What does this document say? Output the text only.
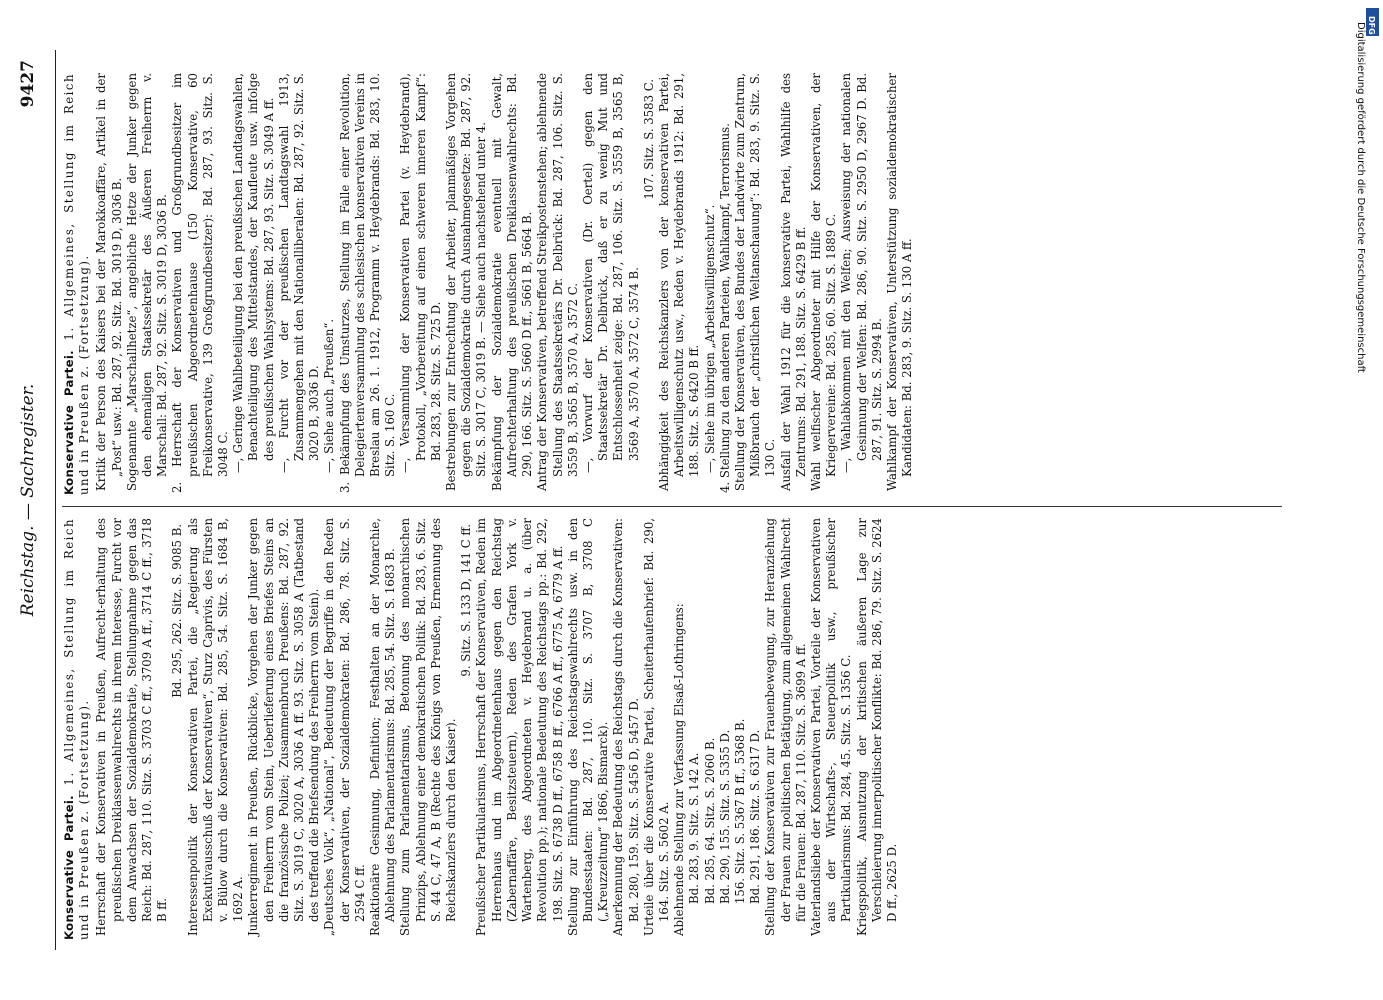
Reichstag. — Sachregister.
9427

Konservative Partei. 1. Allgemeines, Stellung im Reich und in Preußen z. (Fortsetzung). Herrschaft der Konservativen in Preußen, Aufrecht-erhaltung des preußischen Dreiklassenwahlrechts in ihrem Interesse, Furcht vor dem Anwachsen der Sozialdemokratie, Stellungnahme gegen das Reich: Bd. 287, 110. Sitz. S. 3703 C ff., 3709 A ff., 3714 C ff., 3718 B ff.

Bd. 295, 262. Sitz. S. 9085 B. Interessenpolitik der Konservativen Partei, die „Regierung als Exekutivausschuß der Konservativen“, Sturz Caprivis, des Fürsten v. Bülow durch die Konservativen: Bd. 285, 54. Sitz. S. 1684 B, 1692 A. Junkerregiment in Preußen, Rückblicke, Vorgehen der Junker gegen den Freiherrn vom Stein, Ueberlieferung eines Briefes Steins an die französische Polizei; Zusammenbruch Preußens: Bd. 287, 92. Sitz. S. 3019 C, 3020 A, 3036 A ff. 93. Sitz. S. 3058 A (Tatbestand des treffend die Briefsendung des Freiherrn vom Stein). „Deutsches Volk“, „National“, Bedeutung der Begriffe in den Reden der Konservativen, der Sozialdemokraten: Bd. 286, 78. Sitz. S. 2594 C ff. Reaktionäre Gesinnung, Definition; Festhalten an der Monarchie, Ablehnung des Parlamentarismus: Bd. 285, 54. Sitz. S. 1683 B. Stellung zum Parlamentarismus, Betonung des monarchischen Prinzips, Ablehnung einer demokratischen Politik: Bd. 283, 6. Sitz. S. 44 C, 47 A, B (Rechte des Königs von Preußen, Ernennung des Reichskanzlers durch den Kaiser).

9. Sitz. S. 133 D, 141 C ff. Preußischer Partikularismus, Herrschaft der Konservativen, Reden im Herrenhaus und im Abgeordnetenhaus gegen den Reichstag (Zabernaffäre, Besitzsteuern), Reden des Grafen York v. Wartenberg, des Abgeordneten v. Heydebrand u. a. (über Revolution pp.); nationale Bedeutung des Reichstags pp.: Bd. 292, 198. Sitz. S. 6738 D ff., 6758 B ff., 6766 A ff., 6775 A, 6779 A ff. Stellung zur Einführung des Reichstagswahlrechts usw. in den Bundesstaaten: Bd. 287, 110. Sitz. S. 3707 B, 3708 C („Kreuzzeitung“ 1866, Bismarck). Anerkennung der Bedeutung des Reichstags durch die Konservativen: Bd. 280, 159. Sitz. S. 5456 D, 5457 D. Urteile über die Konservative Partei, Scheiterhaufenbrief: Bd. 290, 164. Sitz. S. 5602 A. Ablehnende Stellung zur Verfassung Elsaß-Lothringens: Bd. 283, 9. Sitz. S. 142 A. Bd. 285, 64. Sitz. S. 2060 B. Bd. 290, 155. Sitz. S. 5355 D. 156. Sitz. S. 5367 B ff., 5368 B. Bd. 291, 186. Sitz. S. 6317 D. Stellung der Konservativen zur Frauenbewegung, zur Heranziehung der Frauen zur politischen Betätigung, zum allgemeinen Wahlrecht für die Frauen: Bd. 287, 110. Sitz. S. 3699 A ff. Vaterlandsliebe der Konservativen Partei, Vorteile der Konservativen aus der Wirtschafts-, Steuerpolitik usw., preußischer Partikularismus: Bd. 284, 45. Sitz. S. 1356 C. Kriegspolitik, Ausnutzung der kritischen äußeren Lage zur Verschleierung innerpolitischer Konflikte: Bd. 286, 79. Sitz. S. 2624 D ff., 2625 D.

Konservative Partei. 1. Allgemeines, Stellung im Reich und in Preußen z. (Fortsetzung). Kritik der Person des Kaisers bei der Marokkoaffäre, Artikel in der „Post“ usw.: Bd. 287, 92. Sitz. Bd. 3019 D, 3036 B. Sogenannte „Marschallhetze“, angebliche Hetze der Junker gegen den ehemaligen Staatssekretär des Äußeren Freiherrn v. Marschall: Bd. 287, 92. Sitz. S. 3019 D, 3036 B. 2. Herrschaft der Konservativen und Großgrundbesitzer im preußischen Abgeordnetenhause (150 Konservative, 60 Freikonservative, 139 Großgrundbesitzer): Bd. 287, 93. Sitz. S. 3048 C. —, Geringe Wahlbeteiligung bei den preußischen Landtagswahlen, Benachteiligung des Mittelstandes, der Kaufleute usw. infolge des preußischen Wahlsystems: Bd. 287, 93. Sitz. S. 3049 A ff. —, Furcht vor der preußischen Landtagswahl 1913, Zusammengehen mit den Nationalliberalen: Bd. 287, 92. Sitz. S. 3020 B, 3036 D. —, Siehe auch „Preußen“. 3. Bekämpfung des Umsturzes, Stellung im Falle einer Revolution, Delegiertenversammlung des schlesischen konservativen Vereins in Breslau am 26. 1. 1912, Programm v. Heydebrands: Bd. 283, 10. Sitz. S. 160 C. —, Versammlung der Konservativen Partei (v. Heydebrand), Protokoll, „Vorbereitung auf einen schweren inneren Kampf“: Bd. 283, 28. Sitz. S. 725 D. Bestrebungen zur Entrechtung der Arbeiter, planmäßiges Vorgehen gegen die Sozialdemokratie durch Ausnahmegesetze: Bd. 287, 92. Sitz. S. 3017 C, 3019 B. — Siehe auch nachstehend unter 4. Bekämpfung der Sozialdemokratie eventuell mit Gewalt, Aufrechterhaltung des preußischen Dreiklassenwahlrechts: Bd. 290, 166. Sitz. S. 5660 D ff., 5661 B, 5664 B. Antrag der Konservativen, betreffend Streikpostenstehen; ablehnende Stellung des Staatssekretärs Dr. Delbrück: Bd. 287, 106. Sitz. S. 3559 B, 3565 B, 3570 A, 3572 C. —, Vorwurf der Konservativen (Dr. Oertel) gegen den Staatssekretär Dr. Delbrück, daß er zu wenig Mut und Entschlossenheit zeige: Bd. 287, 106. Sitz. S. 3559 B, 3565 B, 3569 A, 3570 A, 3572 C, 3574 B.

107. Sitz. S. 3583 C. Abhängigkeit des Reichskanzlers von der konservativen Partei, Arbeitswilligenschutz usw., Reden v. Heydebrands 1912: Bd. 291, 188. Sitz. S. 6420 B ff. —, Siehe im übrigen „Arbeitswilligenschutz“. 4. Stellung zu den anderen Parteien, Wahlkampf, Terrorismus. Stellung der Konservativen, des Bundes der Landwirte zum Zentrum, Mißbrauch der „christlichen Weltanschauung“: Bd. 283, 9. Sitz. S. 130 C. Ausfall der Wahl 1912 für die konservative Partei, Wahlhilfe des Zentrums: Bd. 291, 188. Sitz. S. 6429 B ff. Wahl welfischer Abgeordneter mit Hilfe der Konservativen, der Kriegervereine: Bd. 285, 60. Sitz. S. 1889 C. —, Wahlabkommen mit den Welfen; Ausweisung der nationalen Gesinnung der Welfen: Bd. 286, 90. Sitz. S. 2950 D, 2967 D. Bd. 287, 91. Sitz. S. 2994 B. Wahlkampf der Konservativen, Unterstützung sozialdemokratischer Kandidaten: Bd. 283, 9. Sitz. S. 130 A ff.	Digitalisierung gefördert durch die Deutsche Forschungsgemeinschaft DFG
